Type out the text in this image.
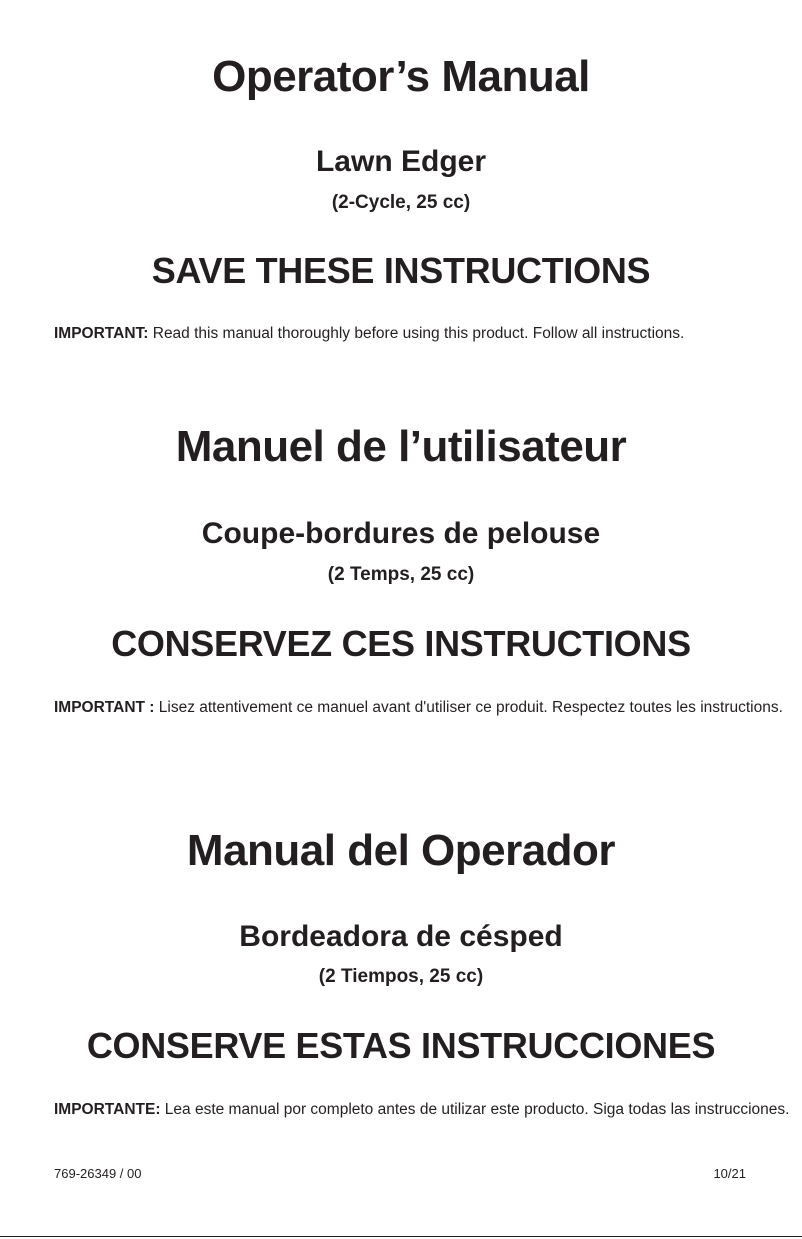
Operator’s Manual
Lawn Edger
(2-Cycle, 25 cc)
SAVE THESE INSTRUCTIONS
IMPORTANT: Read this manual thoroughly before using this product. Follow all instructions.
Manuel de l’utilisateur
Coupe-bordures de pelouse
(2 Temps, 25 cc)
CONSERVEZ CES INSTRUCTIONS
IMPORTANT : Lisez attentivement ce manuel avant d'utiliser ce produit. Respectez toutes les instructions.
Manual del Operador
Bordeadora de césped
(2 Tiempos, 25 cc)
CONSERVE ESTAS INSTRUCCIONES
IMPORTANTE: Lea este manual por completo antes de utilizar este producto. Siga todas las instrucciones.
769-26349 / 00	10/21
